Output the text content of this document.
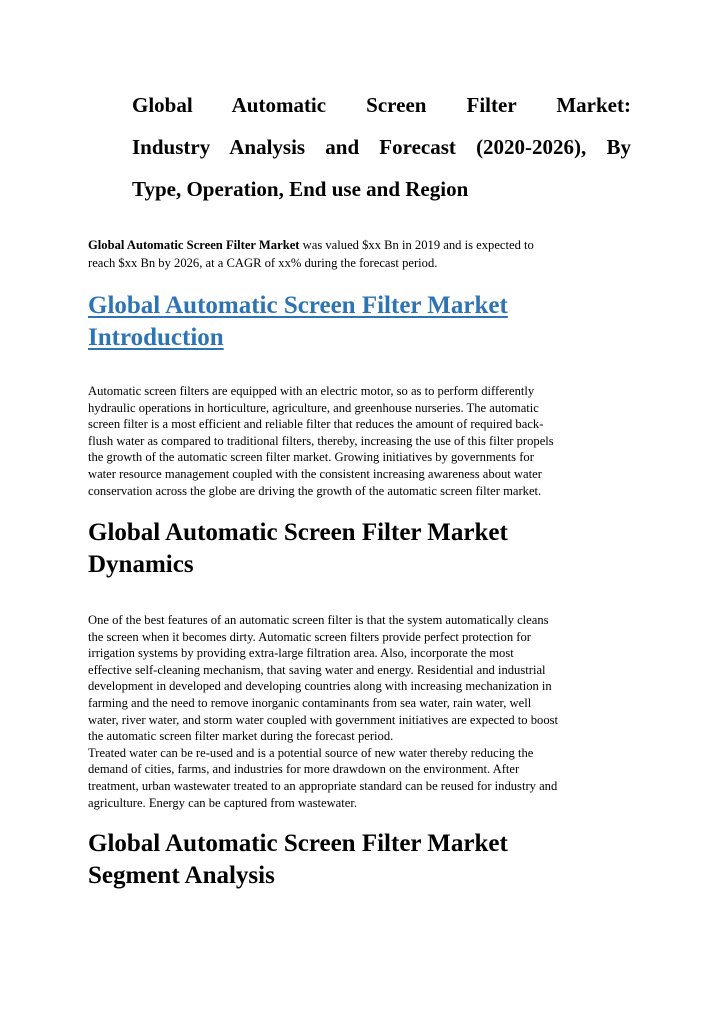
Global Automatic Screen Filter Market:
Industry Analysis and Forecast (2020-2026), By
Type, Operation, End use and Region

Global Automatic Screen Filter Market was valued $xx Bn in 2019 and is expected to
reach $xx Bn by 2026, at a CAGR of xx% during the forecast period.

Global Automatic Screen Filter Market
Introduction

Automatic screen filters are equipped with an electric motor, so as to perform differently
hydraulic operations in horticulture, agriculture, and greenhouse nurseries. The automatic
screen filter is a most efficient and reliable filter that reduces the amount of required back-
flush water as compared to traditional filters, thereby, increasing the use of this filter propels
the growth of the automatic screen filter market. Growing initiatives by governments for
water resource management coupled with the consistent increasing awareness about water
conservation across the globe are driving the growth of the automatic screen filter market.

Global Automatic Screen Filter Market
Dynamics

One of the best features of an automatic screen filter is that the system automatically cleans
the screen when it becomes dirty. Automatic screen filters provide perfect protection for
irrigation systems by providing extra-large filtration area. Also, incorporate the most
effective self-cleaning mechanism, that saving water and energy. Residential and industrial
development in developed and developing countries along with increasing mechanization in
farming and the need to remove inorganic contaminants from sea water, rain water, well
water, river water, and storm water coupled with government initiatives are expected to boost
the automatic screen filter market during the forecast period.
Treated water can be re-used and is a potential source of new water thereby reducing the
demand of cities, farms, and industries for more drawdown on the environment. After
treatment, urban wastewater treated to an appropriate standard can be reused for industry and
agriculture. Energy can be captured from wastewater.

Global Automatic Screen Filter Market
Segment Analysis
